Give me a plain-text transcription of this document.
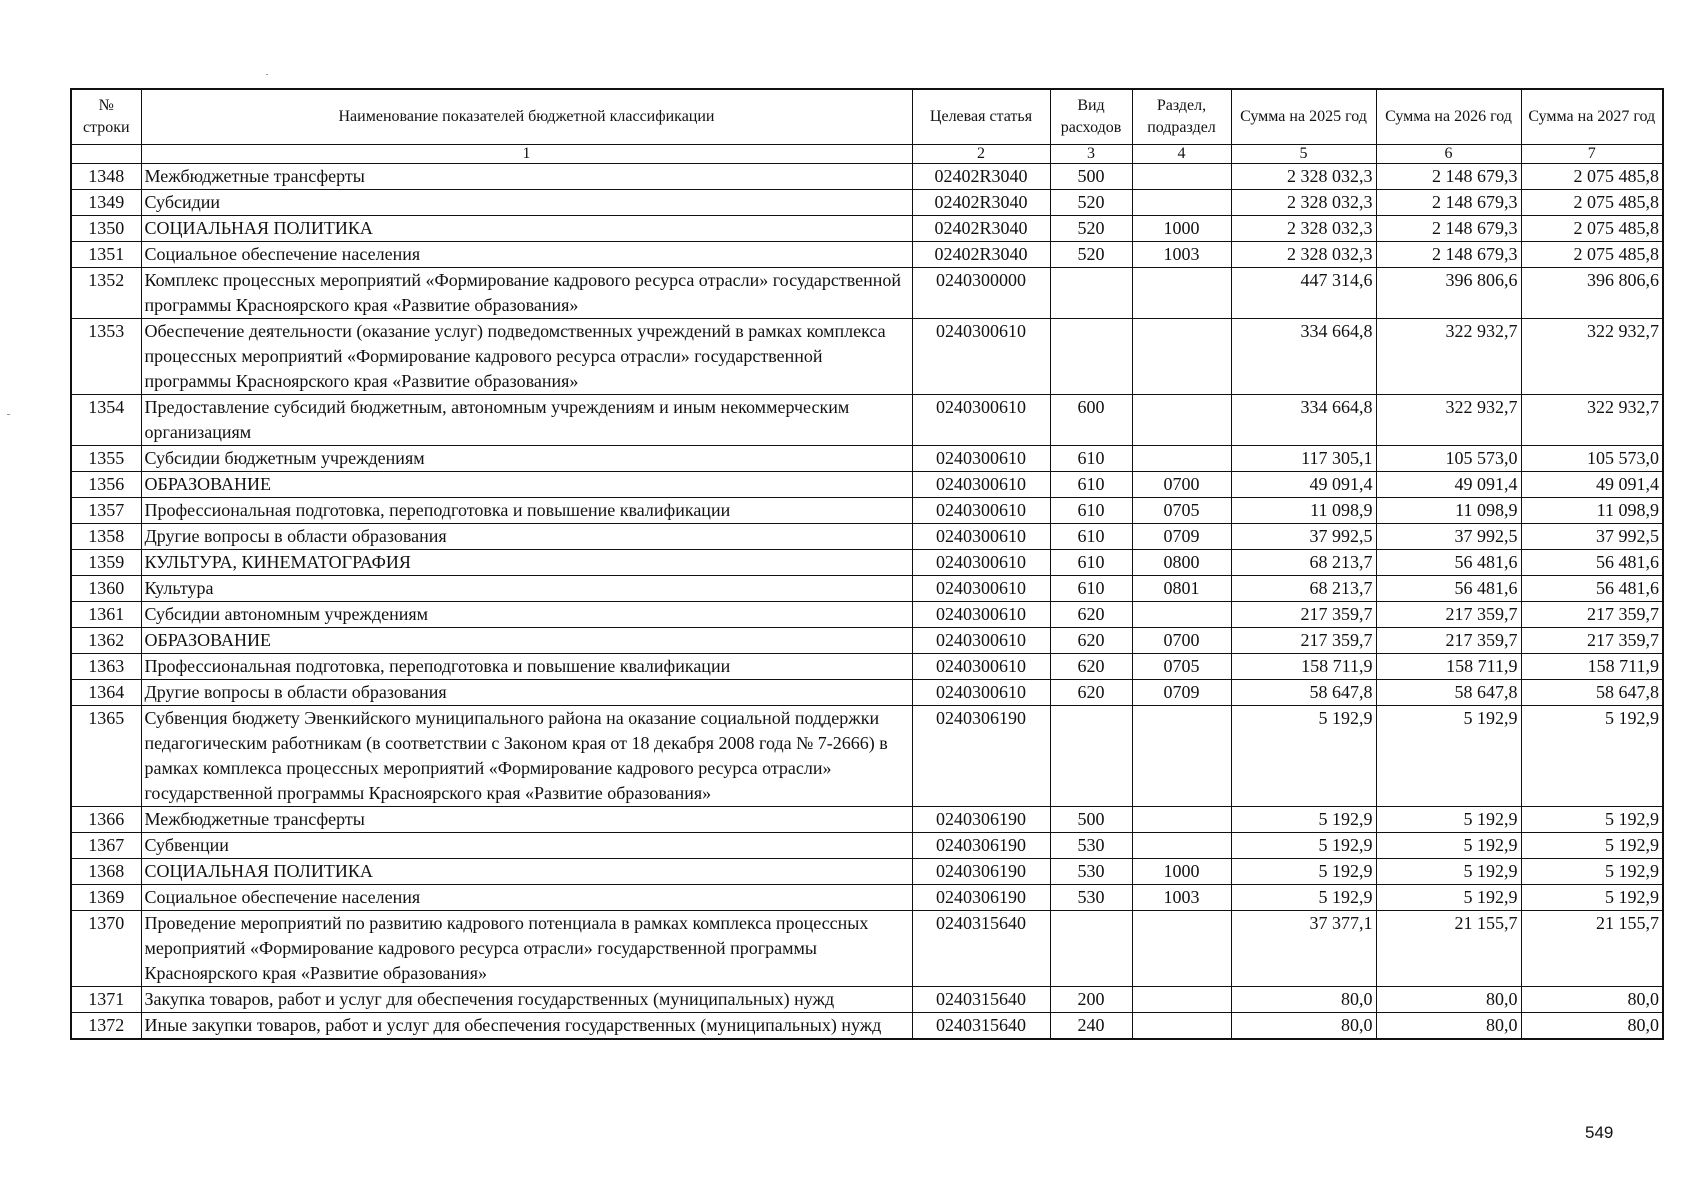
№ строки	Наименование показателей бюджетной классификации	Целевая статья	Вид расходов	Раздел, подраздел	Сумма на 2025 год	Сумма на 2026 год	Сумма на 2027 год
	1	2	3	4	5	6	7
1348	Межбюджетные трансферты	02402R3040	500		2 328 032,3	2 148 679,3	2 075 485,8
1349	Субсидии	02402R3040	520		2 328 032,3	2 148 679,3	2 075 485,8
1350	СОЦИАЛЬНАЯ ПОЛИТИКА	02402R3040	520	1000	2 328 032,3	2 148 679,3	2 075 485,8
1351	Социальное обеспечение населения	02402R3040	520	1003	2 328 032,3	2 148 679,3	2 075 485,8
1352	Комплекс процессных мероприятий «Формирование кадрового ресурса отрасли» государственной программы Красноярского края «Развитие образования»	0240300000			447 314,6	396 806,6	396 806,6
1353	Обеспечение деятельности (оказание услуг) подведомственных учреждений в рамках комплекса процессных мероприятий «Формирование кадрового ресурса отрасли» государственной программы Красноярского края «Развитие образования»	0240300610			334 664,8	322 932,7	322 932,7
1354	Предоставление субсидий бюджетным, автономным учреждениям и иным некоммерческим организациям	0240300610	600		334 664,8	322 932,7	322 932,7
1355	Субсидии бюджетным учреждениям	0240300610	610		117 305,1	105 573,0	105 573,0
1356	ОБРАЗОВАНИЕ	0240300610	610	0700	49 091,4	49 091,4	49 091,4
1357	Профессиональная подготовка, переподготовка и повышение квалификации	0240300610	610	0705	11 098,9	11 098,9	11 098,9
1358	Другие вопросы в области образования	0240300610	610	0709	37 992,5	37 992,5	37 992,5
1359	КУЛЬТУРА, КИНЕМАТОГРАФИЯ	0240300610	610	0800	68 213,7	56 481,6	56 481,6
1360	Культура	0240300610	610	0801	68 213,7	56 481,6	56 481,6
1361	Субсидии автономным учреждениям	0240300610	620		217 359,7	217 359,7	217 359,7
1362	ОБРАЗОВАНИЕ	0240300610	620	0700	217 359,7	217 359,7	217 359,7
1363	Профессиональная подготовка, переподготовка и повышение квалификации	0240300610	620	0705	158 711,9	158 711,9	158 711,9
1364	Другие вопросы в области образования	0240300610	620	0709	58 647,8	58 647,8	58 647,8
1365	Субвенция бюджету Эвенкийского муниципального района на оказание социальной поддержки педагогическим работникам (в соответствии с Законом края от 18 декабря 2008 года № 7-2666) в рамках комплекса процессных мероприятий «Формирование кадрового ресурса отрасли» государственной программы Красноярского края «Развитие образования»	0240306190			5 192,9	5 192,9	5 192,9
1366	Межбюджетные трансферты	0240306190	500		5 192,9	5 192,9	5 192,9
1367	Субвенции	0240306190	530		5 192,9	5 192,9	5 192,9
1368	СОЦИАЛЬНАЯ ПОЛИТИКА	0240306190	530	1000	5 192,9	5 192,9	5 192,9
1369	Социальное обеспечение населения	0240306190	530	1003	5 192,9	5 192,9	5 192,9
1370	Проведение мероприятий по развитию кадрового потенциала в рамках комплекса процессных мероприятий «Формирование кадрового ресурса отрасли» государственной программы Красноярского края «Развитие образования»	0240315640			37 377,1	21 155,7	21 155,7
1371	Закупка товаров, работ и услуг для обеспечения государственных (муниципальных) нужд	0240315640	200		80,0	80,0	80,0
1372	Иные закупки товаров, работ и услуг для обеспечения государственных (муниципальных) нужд	0240315640	240		80,0	80,0	80,0
549
